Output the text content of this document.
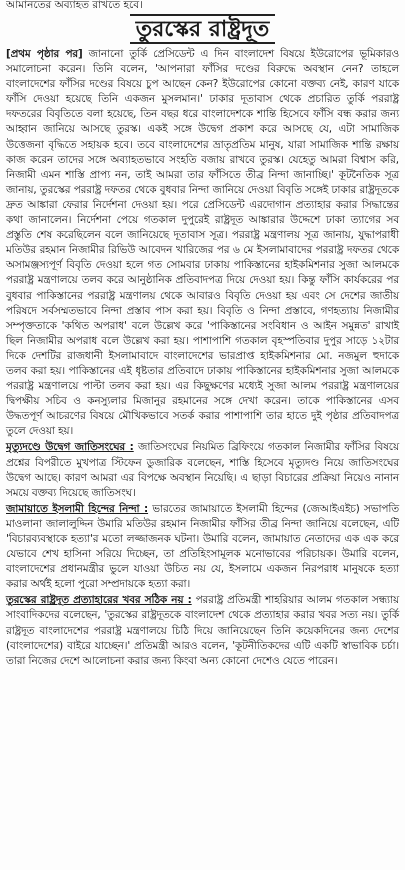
আমানতের অব্যাহত রাখতে হবে।
তুরস্কের রাষ্ট্রদূত

[প্রথম পৃষ্ঠার পর] জানানো তুর্কি প্রেসিডেন্ট এ দিন বাংলাদেশ বিষয়ে ইউরোপের ভূমিকারও সমালোচনা করেন। তিনি বলেন, 'আপনারা ফাঁসির দণ্ডের বিরুদ্ধে অবস্থান নেন? তাহলে বাংলাদেশের ফাঁসির দণ্ডের বিষয়ে চুপ আছেন কেন? ইউরোপের কোনো বক্তব্য নেই, কারণ যাকে ফাঁসি দেওয়া হয়েছে তিনি একজন মুসলমান।' ঢাকার দূতাবাস থেকে প্রচারিত তুর্কি পররাষ্ট্র দফতরের বিবৃতিতে বলা হয়েছে, তিন বছর ধরে বাংলাদেশকে শান্তি হিসেবে ফাঁসি বন্ধ করার জন্য আহ্বান জানিয়ে আসছে তুরস্ক। একই সঙ্গে উদ্বেগ প্রকাশ করে আসছে যে, এটা সামাজিক উত্তেজনা বৃদ্ধিতে সহায়ক হবে। তবে বাংলাদেশের ভ্রাতৃপ্রতিম মানুষ, যারা সামাজিক শান্তি রক্ষায় কাজ করেন তাদের সঙ্গে অব্যাহতভাবে সংহতি বজায় রাখবে তুরস্ক। যেহেতু আমরা বিশ্বাস করি, নিজামী এমন শাস্তি প্রাপ্য নন, তাই আমরা তার ফাঁসিতে তীব্র নিন্দা জানাচ্ছি।' কূটনৈতিক সূত্র জানায়, তুরস্কের পররাষ্ট্র দফতর থেকে বুধবার নিন্দা জানিয়ে দেওয়া বিবৃতি সঙ্গেই ঢাকার রাষ্ট্রদূতকে দ্রুত আঙ্কারা ফেরার নির্দেশনা দেওয়া হয়। পরে প্রেসিডেন্ট এরদোগান প্রত্যাহার করার সিদ্ধান্তের কথা জানালেন। নির্দেশনা পেয়ে গতকাল দুপুরেই রাষ্ট্রদূত আঙ্কারার উদ্দেশে ঢাকা ত্যাগের সব প্রস্তুতি শেষ করেছিলেন বলে জানিয়েছে দূতাবাস সূত্র। পররাষ্ট্র মন্ত্রণালয় সূত্র জানায়, যুদ্ধাপরাধী মতিউর রহমান নিজামীর রিভিউ আবেদন খারিজের পর ৬ মে ইসলামাবাদের পররাষ্ট্র দফতর থেকে অসামঞ্জস্যপূর্ণ বিবৃতি দেওয়া হলে গত সোমবার ঢাকায় পাকিস্তানের হাইকমিশনার সুজা আলমকে পররাষ্ট্র মন্ত্রণালয়ে তলব করে আনুষ্ঠানিক প্রতিবাদপত্র দিয়ে দেওয়া হয়। কিন্তু ফাঁসি কার্যকরের পর বুধবার পাকিস্তানের পররাষ্ট্র মন্ত্রণালয় থেকে আবারও বিবৃতি দেওয়া হয় এবং সে দেশের জাতীয় পরিষদে সর্বসম্মতভাবে নিন্দা প্রস্তাব পাস করা হয়। বিবৃতি ও নিন্দা প্রস্তাবে, গণহত্যায় নিজামীর সম্পৃক্ততাকে 'কথিত অপরাধ' বলে উল্লেখ করে 'পাকিস্তানের সংবিধান ও আইন সমুন্নত' রাখাই ছিল নিজামীর অপরাধ বলে উল্লেখ করা হয়। পাশাপাশি গতকাল বৃহস্পতিবার দুপুর সাড়ে ১২টার দিকে দেশটির রাজধানী ইসলামাবাদে বাংলাদেশের ভারপ্রাপ্ত হাইকমিশনার মো. নজমুল হুদাকে তলব করা হয়। পাকিস্তানের এই ধৃষ্টতার প্রতিবাদে ঢাকায় পাকিস্তানের হাইকমিশনার সুজা আলমকে পররাষ্ট্র মন্ত্রণালয়ে পাল্টা তলব করা হয়। এর কিছুক্ষণের মধ্যেই সুজা আলম পররাষ্ট্র মন্ত্রণালয়ের দ্বিপক্ষীয় সচিব ও কনস্যুলার মিজানুর রহমানের সঙ্গে দেখা করেন। তাকে পাকিস্তানের এসব উদ্ধতপূর্ণ আচরণের বিষয়ে মৌখিকভাবে সতর্ক করার পাশাপাশি তার হাতে দুই পৃষ্ঠার প্রতিবাদপত্র তুলে দেওয়া হয়।

মৃত্যুদণ্ডে উদ্বেগ জাতিসংঘের : জাতিসংঘের নিয়মিত ব্রিফিংয়ে গতকাল নিজামীর ফাঁসির বিষয়ে প্রশ্নের বিপরীতে মুখপাত্র স্টিফেন ডুজারিক বলেছেন, শাস্তি হিসেবে মৃত্যুদণ্ড নিয়ে জাতিসংঘের উদ্বেগ আছে। কারণ আমরা এর বিপক্ষে অবস্থান নিয়েছি। এ ছাড়া বিচারের প্রক্রিয়া নিয়েও নানান সময়ে বক্তব্য দিয়েছে জাতিসংঘ।

জামায়াতে ইসলামী হিন্দের নিন্দা : ভারতের জামায়াতে ইসলামী হিন্দের (জেআইএইচ) সভাপতি মাওলানা জালালুদ্দিন উমারি মতিউর রহমান নিজামীর ফাঁসির তীব্র নিন্দা জানিয়ে বলেছেন, এটি 'বিচারব্যবস্থাকে হত্যা'র মতো লজ্জাজনক ঘটনা। উমারি বলেন, জামায়াত নেতাদের এক এক করে যেভাবে শেখ হাসিনা সরিয়ে দিচ্ছেন, তা প্রতিহিংসামূলক মনোভাবের পরিচায়ক। উমারি বলেন, বাংলাদেশের প্রধানমন্ত্রীর ভুলে যাওয়া উচিত নয় যে, ইসলামে একজন নিরপরাধ মানুষকে হত্যা করার অর্থই হলো পুরো সম্প্রদায়কে হত্যা করা।

তুরস্কের রাষ্ট্রদূত প্রত্যাহারের খবর সঠিক নয় : পররাষ্ট্র প্রতিমন্ত্রী শাহরিয়ার আলম গতকাল সন্ধ্যায় সাংবাদিকদের বলেছেন, 'তুরস্কের রাষ্ট্রদূতকে বাংলাদেশ থেকে প্রত্যাহার করার খবর সত্য নয়। তুর্কি রাষ্ট্রদূত বাংলাদেশের পররাষ্ট্র মন্ত্রণালয়ে চিঠি দিয়ে জানিয়েছেন তিনি কয়েকদিনের জন্য দেশের (বাংলাদেশের) বাইরে যাচ্ছেন।' প্রতিমন্ত্রী আরও বলেন, 'কূটনীতিকদের এটি একটি স্বাভাবিক চর্চা। তারা নিজের দেশে আলোচনা করার জন্য কিংবা অন্য কোনো দেশেও যেতে পারেন।
